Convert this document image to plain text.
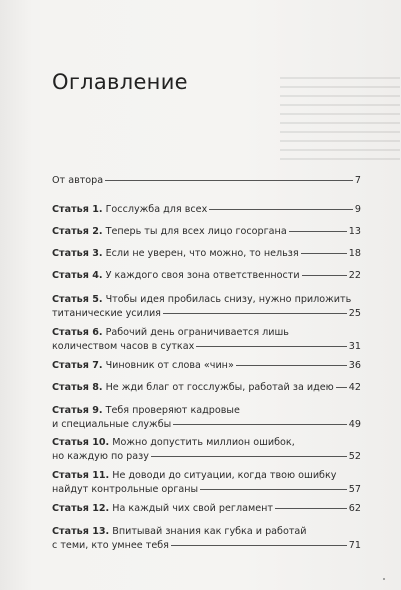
Оглавление
От автора	7
Статья 1. Госслужба для всех	9
Статья 2. Теперь ты для всех лицо госоргана	13
Статья 3. Если не уверен, что можно, то нельзя	18
Статья 4. У каждого своя зона ответственности	22
Статья 5. Чтобы идея пробилась снизу, нужно приложить
титанические усилия	25
Статья 6. Рабочий день ограничивается лишь
количеством часов в сутках	31
Статья 7. Чиновник от слова «чин»	36
Статья 8. Не жди благ от госслужбы, работай за идею 42
Статья 9. Тебя проверяют кадровые
и специальные службы	49
Статья 10. Можно допустить миллион ошибок,
но каждую по разу	52
Статья 11. Не доводи до ситуации, когда твою ошибку
найдут контрольные органы	57
Статья 12. На каждый чих свой регламент	62
Статья 13. Впитывай знания как губка и работай
с теми, кто умнее тебя	71
